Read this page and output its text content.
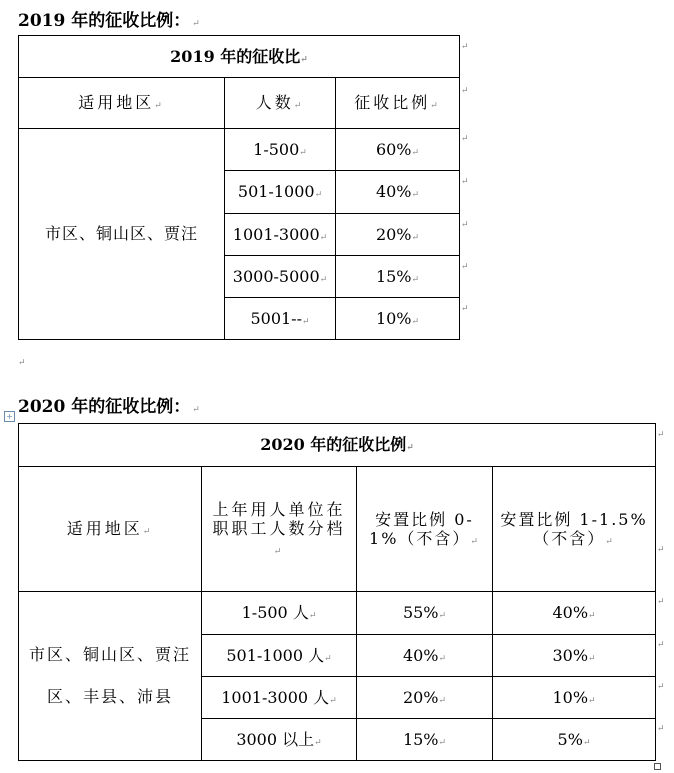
2019 年的征收比例： ↵
2019 年的征收比↵		
适用地区↵	人数↵	征收比例↵
市区、铜山区、贾汪	1-500↵	60%↵
	501-1000↵	40%↵
	1001-3000↵	20%↵
	3000-5000↵	15%↵
	5001--↵	10%↵
↵
↵
↵
↵
↵
↵
↵
↵
2020 年的征收比例： ↵
+
2020 年的征收比例↵			
适用地区↵	上年用人单位在职职工人数分档↵	安置比例 0-1%（不含）↵	安置比例 1-1.5%（不含）↵
市区、铜山区、贾汪区、丰县、沛县	1-500 人↵	55%↵	40%↵
	501-1000 人↵	40%↵	30%↵
	1001-3000 人↵	20%↵	10%↵
	3000 以上↵	15%↵	5%↵
↵
↵
↵
↵
↵
↵
